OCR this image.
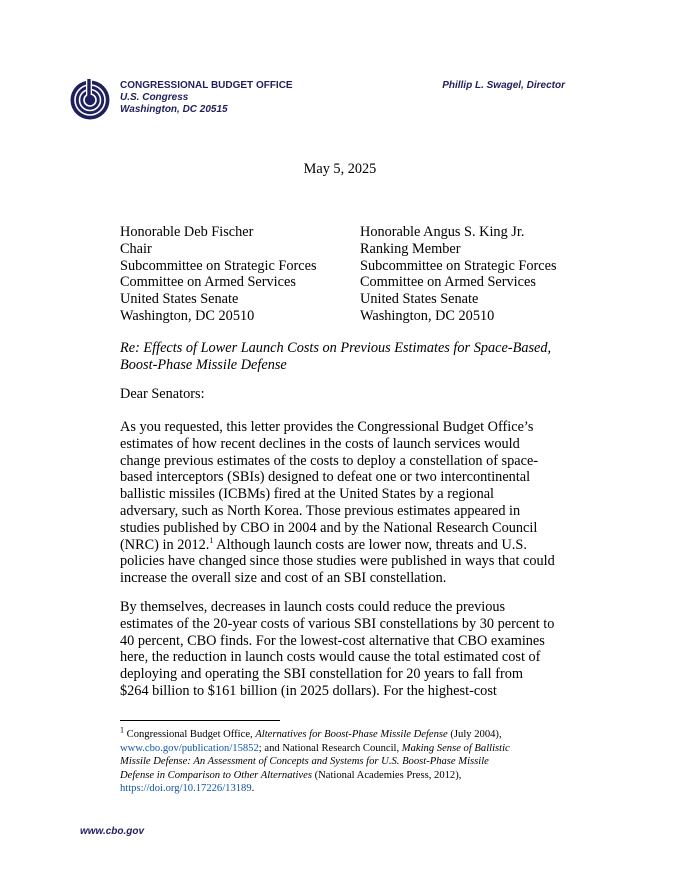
CONGRESSIONAL BUDGET OFFICE
U.S. Congress
Washington, DC 20515
Phillip L. Swagel, Director
May 5, 2025
Honorable Deb Fischer
Chair
Subcommittee on Strategic Forces
Committee on Armed Services
United States Senate
Washington, DC 20510
Honorable Angus S. King Jr.
Ranking Member
Subcommittee on Strategic Forces
Committee on Armed Services
United States Senate
Washington, DC 20510
Re: Effects of Lower Launch Costs on Previous Estimates for Space-Based,
Boost-Phase Missile Defense
Dear Senators:
As you requested, this letter provides the Congressional Budget Office’s
estimates of how recent declines in the costs of launch services would
change previous estimates of the costs to deploy a constellation of space-
based interceptors (SBIs) designed to defeat one or two intercontinental
ballistic missiles (ICBMs) fired at the United States by a regional
adversary, such as North Korea. Those previous estimates appeared in
studies published by CBO in 2004 and by the National Research Council
(NRC) in 2012.$^1$ Although launch costs are lower now, threats and U.S.
policies have changed since those studies were published in ways that could
increase the overall size and cost of an SBI constellation.
By themselves, decreases in launch costs could reduce the previous
estimates of the 20-year costs of various SBI constellations by 30 percent to
40 percent, CBO finds. For the lowest-cost alternative that CBO examines
here, the reduction in launch costs would cause the total estimated cost of
deploying and operating the SBI constellation for 20 years to fall from
$264 billion to $161 billion (in 2025 dollars). For the highest-cost
$^1$ Congressional Budget Office, Alternatives for Boost-Phase Missile Defense (July 2004),
www.cbo.gov/publication/15852; and National Research Council, Making Sense of Ballistic
Missile Defense: An Assessment of Concepts and Systems for U.S. Boost-Phase Missile
Defense in Comparison to Other Alternatives (National Academies Press, 2012),
https://doi.org/10.17226/13189.
www.cbo.gov
